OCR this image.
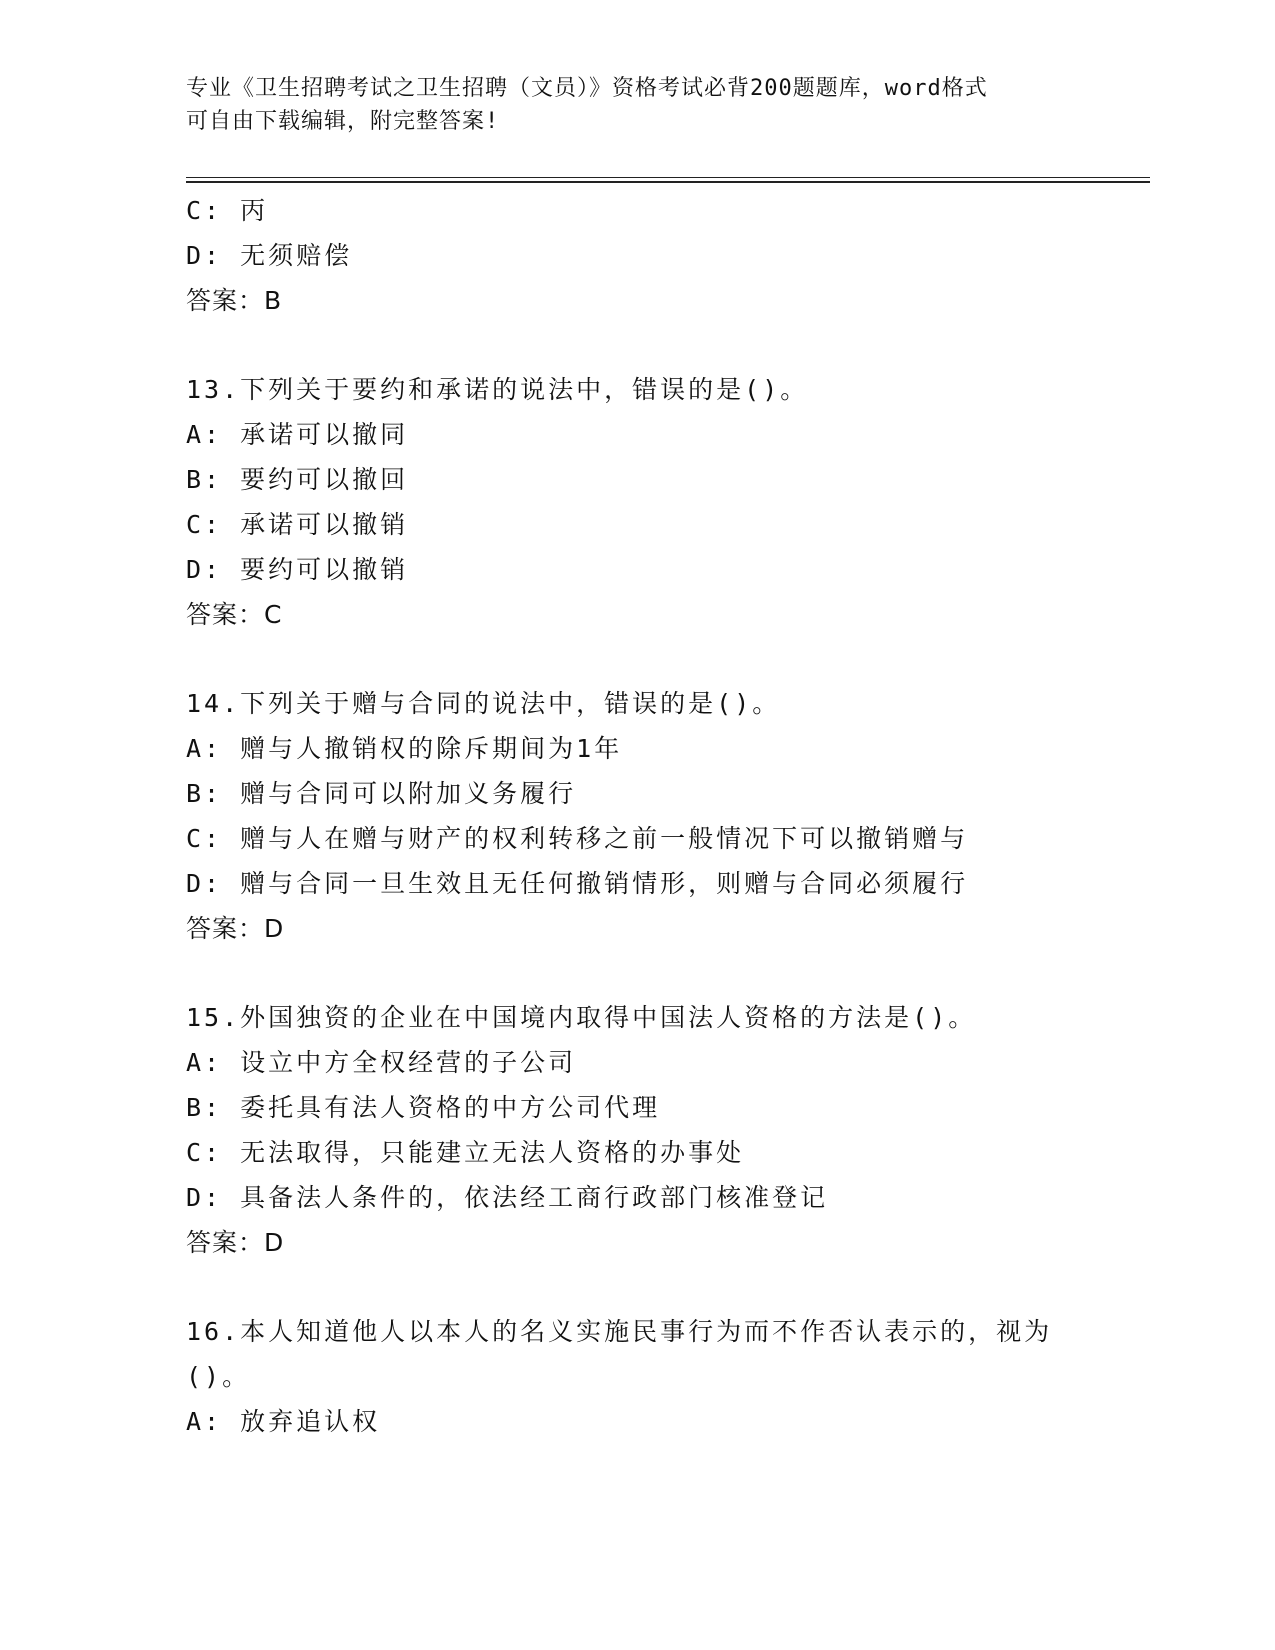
专业《卫生招聘考试之卫生招聘（文员）》资格考试必背200题题库，word格式
可自由下载编辑，附完整答案!
C: 丙
D: 无须赔偿
答案：B
13.下列关于要约和承诺的说法中，错误的是()。
A: 承诺可以撤同
B: 要约可以撤回
C: 承诺可以撤销
D: 要约可以撤销
答案：C
14.下列关于赠与合同的说法中，错误的是()。
A: 赠与人撤销权的除斥期间为1年
B: 赠与合同可以附加义务履行
C: 赠与人在赠与财产的权利转移之前一般情况下可以撤销赠与
D: 赠与合同一旦生效且无任何撤销情形，则赠与合同必须履行
答案：D
15.外国独资的企业在中国境内取得中国法人资格的方法是()。
A: 设立中方全权经营的子公司
B: 委托具有法人资格的中方公司代理
C: 无法取得，只能建立无法人资格的办事处
D: 具备法人条件的，依法经工商行政部门核准登记
答案：D
16.本人知道他人以本人的名义实施民事行为而不作否认表示的，视为
()。
A: 放弃追认权
